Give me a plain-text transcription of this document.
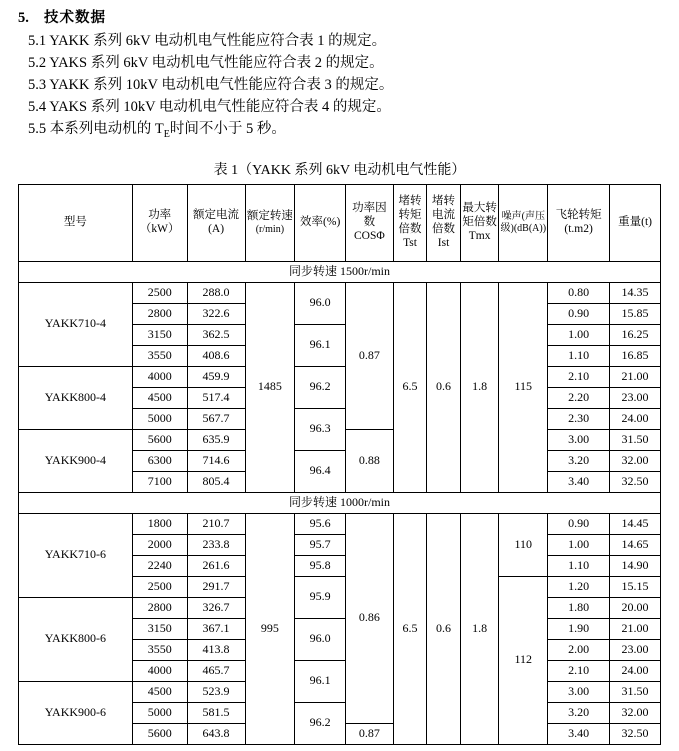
5.	技术数据

5.1 YAKK 系列 6kV 电动机电气性能应符合表 1 的规定。

5.2 YAKS 系列 6kV 电动机电气性能应符合表 2 的规定。

5.3 YAKK 系列 10kV 电动机电气性能应符合表 3 的规定。

5.4 YAKS 系列 10kV 电动机电气性能应符合表 4 的规定。

5.5 本系列电动机的 $T_E$时间不小于 5 秒。

表 1（YAKK 系列 6kV 电动机电气性能）
型号

功率（kW）

额定电流
(A)

额定转速
(r/min)

效率(%)

功率因
数 COSΦ

堵转
转矩
倍数
Tst

堵转
电流
倍数
Ist

最大转
矩倍数
Tmx

噪声(声压
级)(dB(A))

飞轮转矩
(t.m2)

重量(t)

同步转速 1500r/min											
YAKK710-4	2500	288.0	1485	96.0	0.87	6.5	0.6	1.8	115	0.80	14.35
	2800	322.6								0.90	15.85
	3150	362.5		96.1						1.00	16.25
	3550	408.6								1.10	16.85
YAKK800-4	4000	459.9		96.2						2.10	21.00
	4500	517.4								2.20	23.00
	5000	567.7		96.3						2.30	24.00
YAKK900-4	5600	635.9			0.88					3.00	31.50
	6300	714.6		96.4						3.20	32.00
	7100	805.4								3.40	32.50
同步转速 1000r/min											
YAKK710-6	1800	210.7	995	95.6	0.86	6.5	0.6	1.8	110	0.90	14.45
	2000	233.8		95.7						1.00	14.65
	2240	261.6		95.8						1.10	14.90
	2500	291.7		95.9					112	1.20	15.15
YAKK800-6	2800	326.7								1.80	20.00
	3150	367.1		96.0						1.90	21.00
	3550	413.8								2.00	23.00
	4000	465.7		96.1						2.10	24.00
YAKK900-6	4500	523.9								3.00	31.50
	5000	581.5		96.2						3.20	32.00
	5600	643.8			0.87					3.40	32.50
